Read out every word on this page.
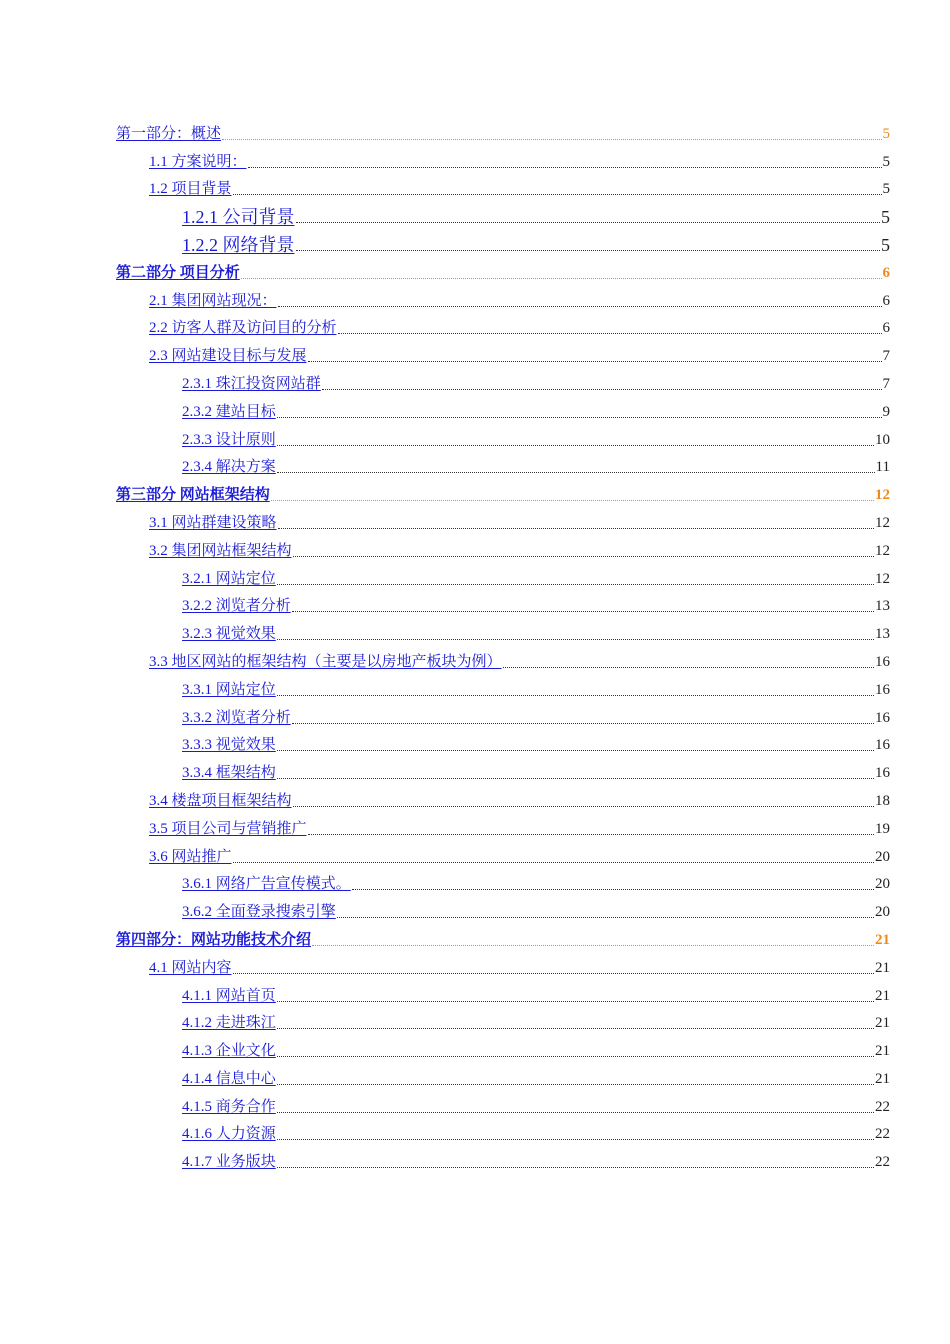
第一部分：概述	5
1.1 方案说明：	5
1.2 项目背景	5
1.2.1 公司背景	5
1.2.2 网络背景	5
第二部分 项目分析	6
2.1 集团网站现况：	6
2.2 访客人群及访问目的分析	6
2.3 网站建设目标与发展	7
2.3.1 珠江投资网站群	7
2.3.2 建站目标	9
2.3.3 设计原则	10
2.3.4 解决方案	11
第三部分 网站框架结构	12
3.1 网站群建设策略	12
3.2 集团网站框架结构	12
3.2.1 网站定位	12
3.2.2 浏览者分析	13
3.2.3 视觉效果	13
3.3 地区网站的框架结构（主要是以房地产板块为例）	16
3.3.1 网站定位	16
3.3.2 浏览者分析	16
3.3.3 视觉效果	16
3.3.4 框架结构	16
3.4 楼盘项目框架结构	18
3.5 项目公司与营销推广	19
3.6 网站推广	20
3.6.1 网络广告宣传模式。	20
3.6.2 全面登录搜索引擎	20
第四部分：网站功能技术介绍	21
4.1 网站内容	21
4.1.1 网站首页	21
4.1.2 走进珠江	21
4.1.3 企业文化	21
4.1.4 信息中心	21
4.1.5 商务合作	22
4.1.6 人力资源	22
4.1.7 业务版块	22
